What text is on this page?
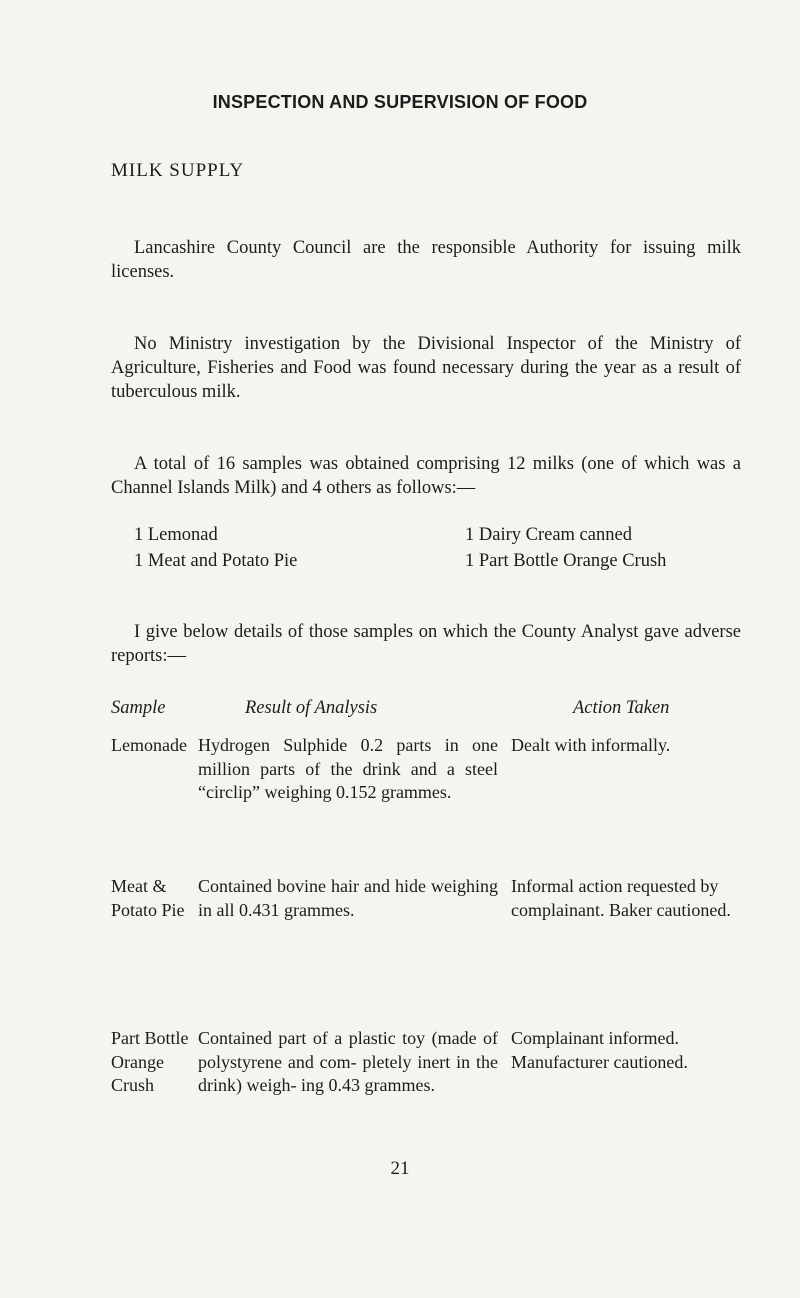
INSPECTION AND SUPERVISION OF FOOD
MILK SUPPLY

Lancashire County Council are the responsible Authority for issuing milk licenses.

No Ministry investigation by the Divisional Inspector of the Ministry of Agriculture, Fisheries and Food was found necessary during the year as a result of tuberculous milk.

A total of 16 samples was obtained comprising 12 milks (one of which was a Channel Islands Milk) and 4 others as follows:—

1 Lemonad
1 Meat and Potato Pie
1 Dairy Cream canned
1 Part Bottle Orange Crush

I give below details of those samples on which the County Analyst gave adverse reports:—

Sample	Result of Analysis	Action Taken
Lemonade Hydrogen Sulphide 0.2 parts in one million parts of the drink and a steel “circlip” weighing 0.152 grammes.
Dealt with informally.
Meat & Potato Pie
Contained bovine hair and hide weighing in all 0.431 grammes.
Informal action requested by complainant. Baker cautioned.
Part Bottle Orange Crush
Contained part of a plastic toy (made of polystyrene and com- pletely inert in the drink) weigh- ing 0.43 grammes.
Complainant informed. Manufacturer cautioned.
21
